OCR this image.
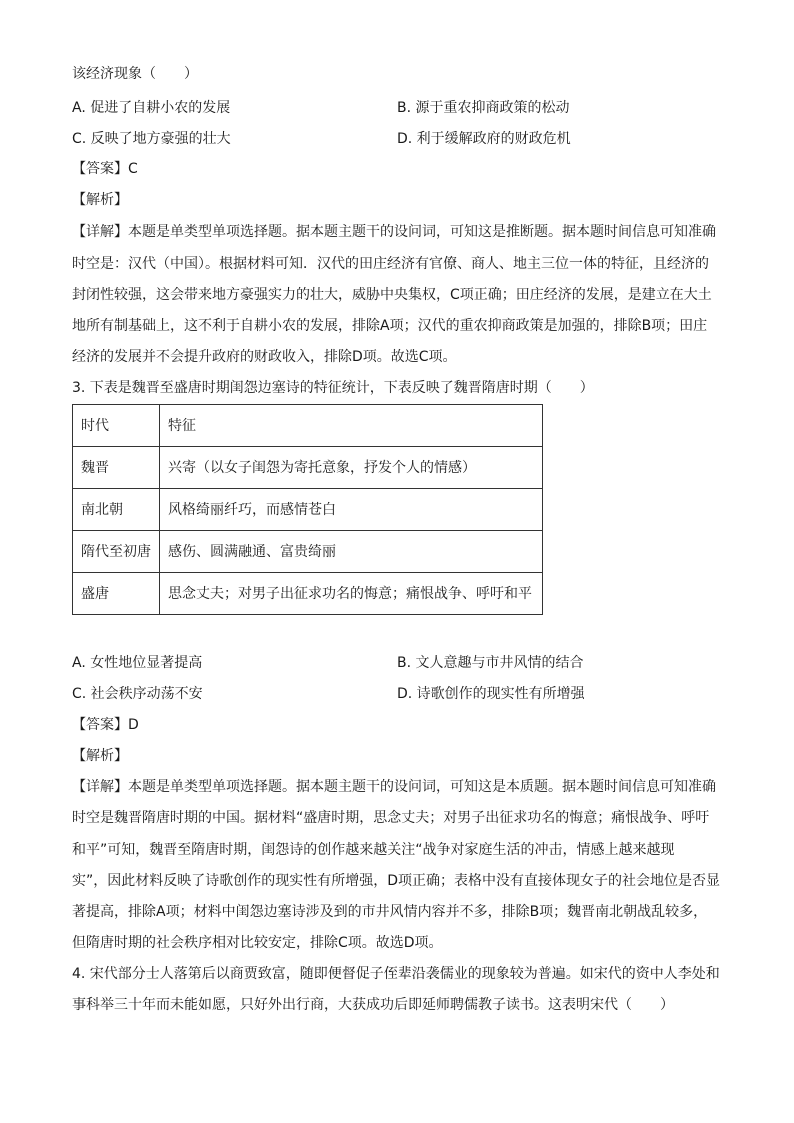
该经济现象（　　）
A. 促进了自耕小农的发展	B. 源于重农抑商政策的松动
C. 反映了地方豪强的壮大	D. 利于缓解政府的财政危机
【答案】C
【解析】
【详解】本题是单类型单项选择题。据本题主题干的设问词，可知这是推断题。据本题时间信息可知准确
时空是：汉代（中国）。根据材料可知．汉代的田庄经济有官僚、商人、地主三位一体的特征，且经济的
封闭性较强，这会带来地方豪强实力的壮大，威胁中央集权，C项正确；田庄经济的发展，是建立在大土
地所有制基础上，这不利于自耕小农的发展，排除A项；汉代的重农抑商政策是加强的，排除B项；田庄
经济的发展并不会提升政府的财政收入，排除D项。故选C项。
3. 下表是魏晋至盛唐时期闺怨边塞诗的特征统计，下表反映了魏晋隋唐时期（　　）
时代	特征
魏晋	兴寄（以女子闺怨为寄托意象，抒发个人的情感）
南北朝	风格绮丽纤巧，而感情苍白
隋代至初唐	感伤、圆满融通、富贵绮丽
盛唐	思念丈夫；对男子出征求功名的悔意；痛恨战争、呼吁和平
A. 女性地位显著提高	B. 文人意趣与市井风情的结合
C. 社会秩序动荡不安	D. 诗歌创作的现实性有所增强
【答案】D
【解析】
【详解】本题是单类型单项选择题。据本题主题干的设问词，可知这是本质题。据本题时间信息可知准确
时空是魏晋隋唐时期的中国。据材料“盛唐时期，思念丈夫；对男子出征求功名的悔意；痛恨战争、呼吁
和平”可知，魏晋至隋唐时期，闺怨诗的创作越来越关注“战争对家庭生活的冲击，情感上越来越现
实”，因此材料反映了诗歌创作的现实性有所增强，D项正确；表格中没有直接体现女子的社会地位是否显
著提高，排除A项；材料中闺怨边塞诗涉及到的市井风情内容并不多，排除B项；魏晋南北朝战乱较多，
但隋唐时期的社会秩序相对比较安定，排除C项。故选D项。
4. 宋代部分士人落第后以商贾致富，随即便督促子侄辈沿袭儒业的现象较为普遍。如宋代的资中人李处和
事科举三十年而未能如愿，只好外出行商，大获成功后即延师聘儒教子读书。这表明宋代（　　）
